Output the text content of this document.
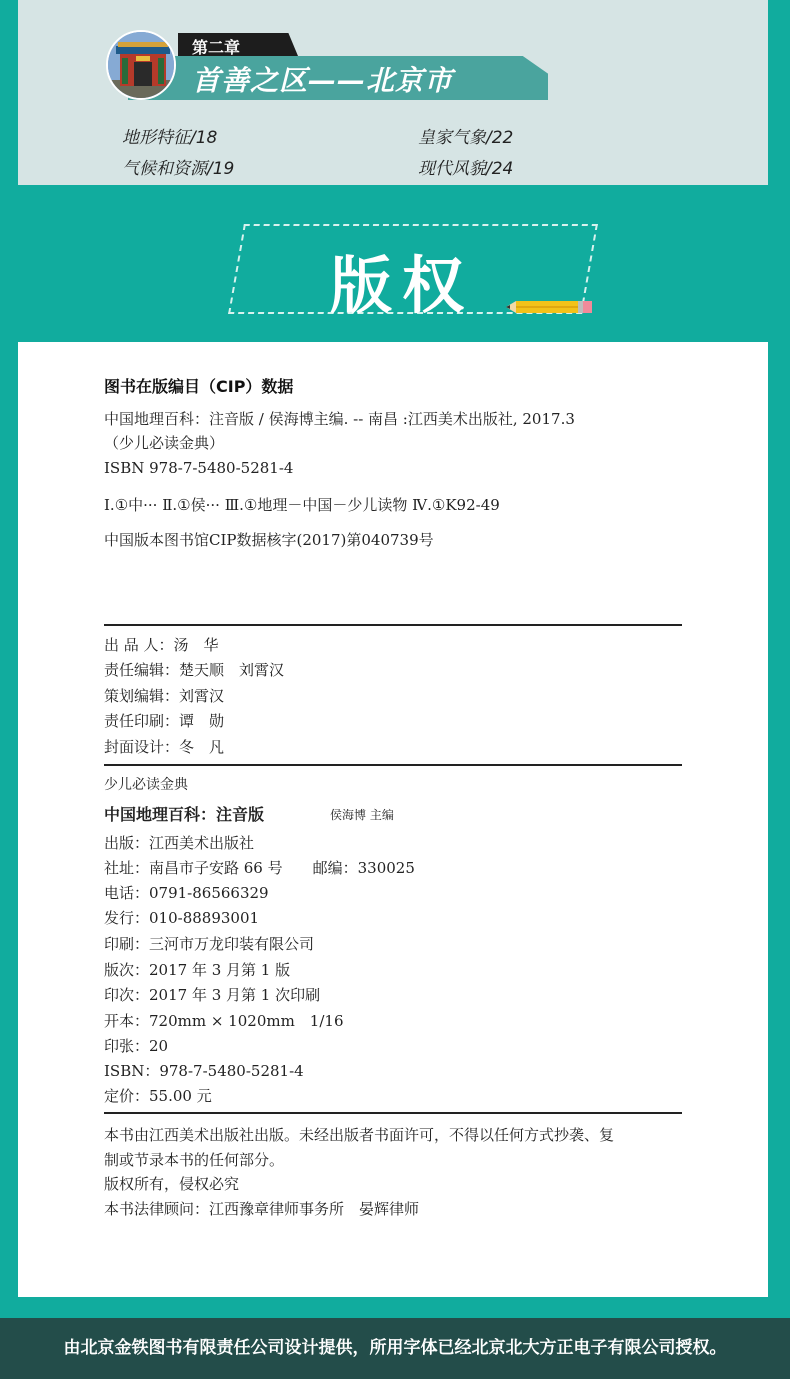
第二章
首善之区——北京市
地形特征/18	皇家气象/22
气候和资源/19	现代风貌/24
版权
图书在版编目（CIP）数据
中国地理百科：注音版 / 侯海博主编. -- 南昌 :江西美术出版社, 2017.3
（少儿必读金典）
ISBN 978-7-5480-5281-4
Ⅰ.①中··· Ⅱ.①侯··· Ⅲ.①地理－中国－少儿读物 Ⅳ.①K92-49
中国版本图书馆CIP数据核字(2017)第040739号
出 品 人：汤　华
责任编辑：楚天顺　刘霄汉
策划编辑：刘霄汉
责任印刷：谭　勋
封面设计：冬　凡
少儿必读金典
中国地理百科：注音版	侯海博 主编
出版：江西美术出版社
社址：南昌市子安路 66 号　　邮编：330025
电话：0791-86566329
发行：010-88893001
印刷：三河市万龙印装有限公司
版次：2017 年 3 月第 1 版
印次：2017 年 3 月第 1 次印刷
开本：720mm × 1020mm　1/16
印张：20
ISBN：978-7-5480-5281-4
定价：55.00 元
本书由江西美术出版社出版。未经出版者书面许可，不得以任何方式抄袭、复
制或节录本书的任何部分。
版权所有，侵权必究
本书法律顾问：江西豫章律师事务所　晏辉律师
由北京金铁图书有限责任公司设计提供，所用字体已经北京北大方正电子有限公司授权。
